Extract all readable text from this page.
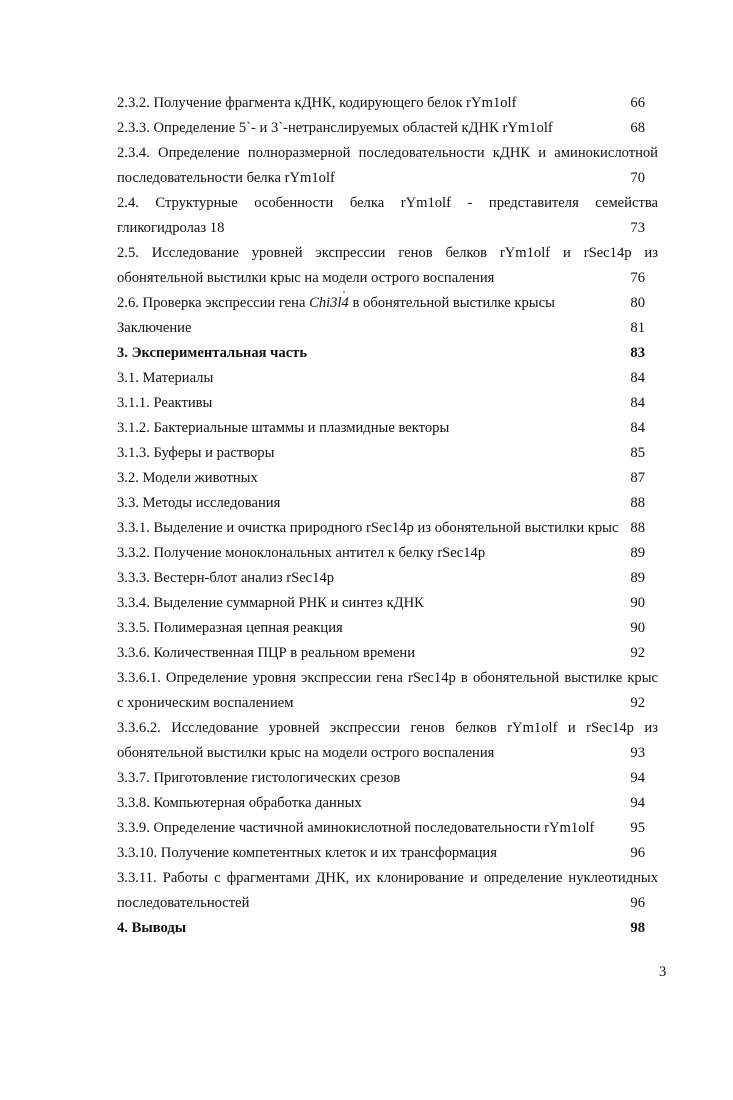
2.3.2. Получение фрагмента кДНК, кодирующего белок rYm1olf	66
2.3.3. Определение 5`- и 3`-нетранслируемых областей кДНК rYm1olf	68
2.3.4. Определение полноразмерной последовательности кДНК и аминокислотной
последовательности белка rYm1olf	70
2.4. Структурные особенности белка rYm1olf - представителя семейства
гликогидролаз 18	73
2.5. Исследование уровней экспрессии генов белков rYm1olf и rSec14p из
обонятельной выстилки крыс на модели острого воспаления	76
2.6. Проверка экспрессии гена Chi3l4 в обонятельной выстилке крысы	80
Заключение	81
3. Экспериментальная часть	83
3.1. Материалы	84
3.1.1. Реактивы	84
3.1.2. Бактериальные штаммы и плазмидные векторы	84
3.1.3. Буферы и растворы	85
3.2. Модели животных	87
3.3. Методы исследования	88
3.3.1. Выделение и очистка природного rSec14p из обонятельной выстилки крыс 88
3.3.2. Получение моноклональных антител к белку rSec14p	89
3.3.3. Вестерн-блот анализ rSec14p	89
3.3.4. Выделение суммарной РНК и синтез кДНК	90
3.3.5. Полимеразная цепная реакция	90
3.3.6. Количественная ПЦР в реальном времени	92
3.3.6.1. Определение уровня экспрессии гена rSec14p в обонятельной выстилке крыс
с хроническим воспалением	92
3.3.6.2. Исследование уровней экспрессии генов белков rYm1olf и rSec14p из
обонятельной выстилки крыс на модели острого воспаления	93
3.3.7. Приготовление гистологических срезов	94
3.3.8. Компьютерная обработка данных	94
3.3.9. Определение частичной аминокислотной последовательности rYm1olf	95
3.3.10. Получение компетентных клеток и их трансформация	96
3.3.11. Работы с фрагментами ДНК, их клонирование и определение нуклеотидных
последовательностей	96
4. Выводы	98
3
